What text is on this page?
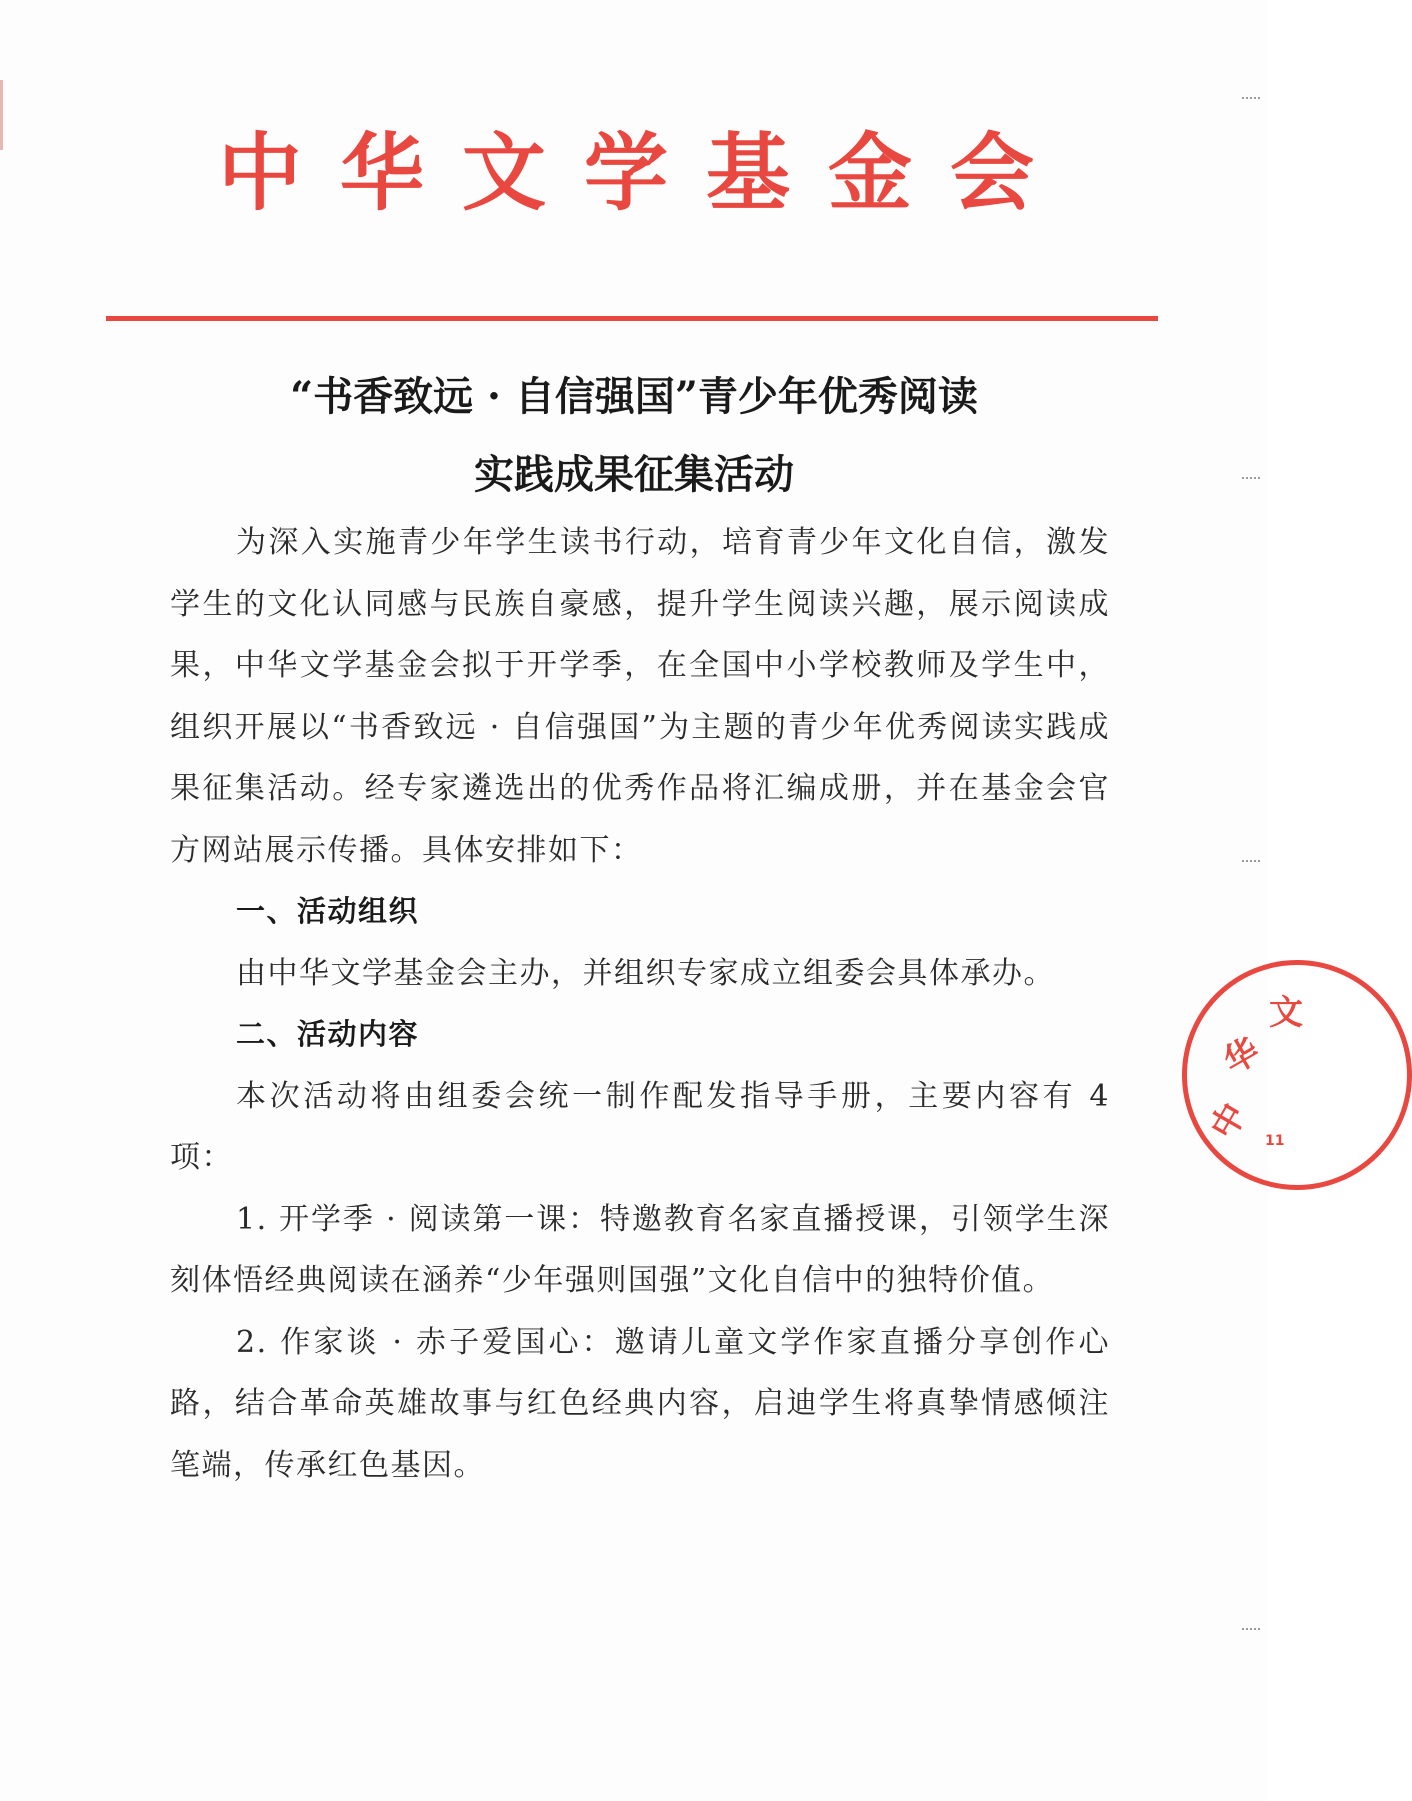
中华文学基金会
“书香致远 · 自信强国”青少年优秀阅读
实践成果征集活动

为深入实施青少年学生读书行动，培育青少年文化自信，激发学生的文化认同感与民族自豪感，提升学生阅读兴趣，展示阅读成果，中华文学基金会拟于开学季，在全国中小学校教师及学生中，组织开展以“书香致远 · 自信强国”为主题的青少年优秀阅读实践成果征集活动。经专家遴选出的优秀作品将汇编成册，并在基金会官方网站展示传播。具体安排如下：

一、活动组织

由中华文学基金会主办，并组织专家成立组委会具体承办。

二、活动内容

本次活动将由组委会统一制作配发指导手册，主要内容有 4 项：

1. 开学季 · 阅读第一课：特邀教育名家直播授课，引领学生深刻体悟经典阅读在涵养“少年强则国强”文化自信中的独特价值。

2. 作家谈 · 赤子爱国心：邀请儿童文学作家直播分享创作心路，结合革命英雄故事与红色经典内容，启迪学生将真挚情感倾注笔端，传承红色基因。

中
华
文
11
